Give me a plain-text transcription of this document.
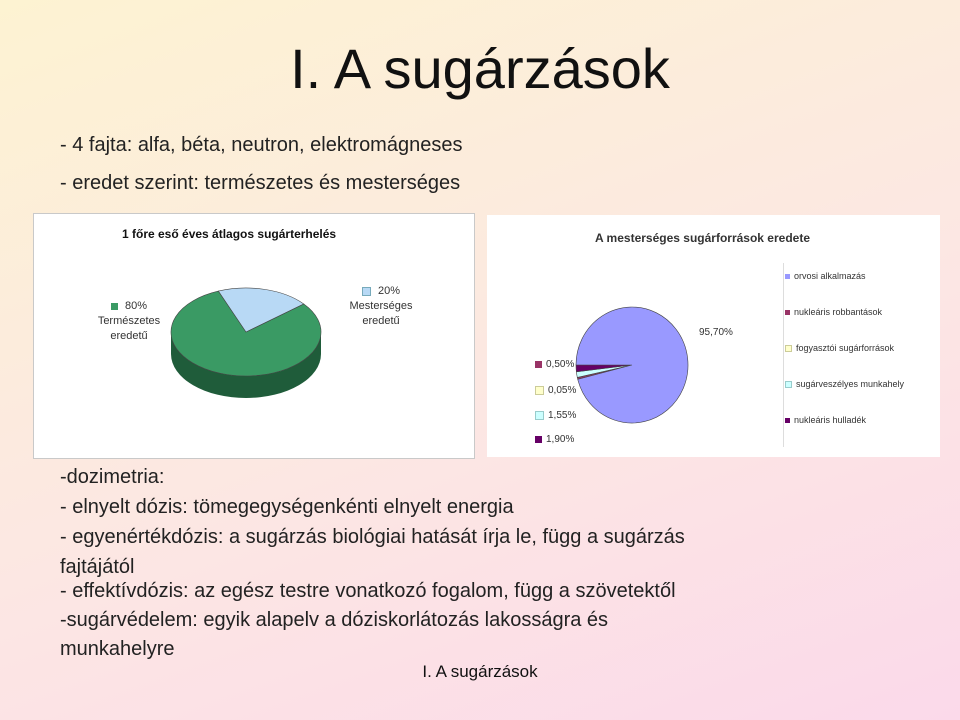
I. A sugárzások

- 4 fajta: alfa, béta, neutron, elektromágneses

- eredet szerint: természetes és mesterséges

1 főre eső éves átlagos sugárterhelés
80%
Természetes
eredetű
20%
Mesterséges
eredetű
A mesterséges sugárforrások eredete
orvosi alkalmazás
nukleáris robbantások
fogyasztói sugárforrások
sugárveszélyes munkahely
nukleáris hulladék
95,70%
0,50%
0,05%
1,55%
1,90%

-dozimetria:

- elnyelt dózis: tömegegységenkénti elnyelt energia

- egyenértékdózis: a sugárzás biológiai hatását írja le, függ a sugárzás

fajtájától

- effektívdózis: az egész testre vonatkozó fogalom, függ a szövetektől

-sugárvédelem: egyik alapelv a dóziskorlátozás lakosságra és

munkahelyre

I. A sugárzások
